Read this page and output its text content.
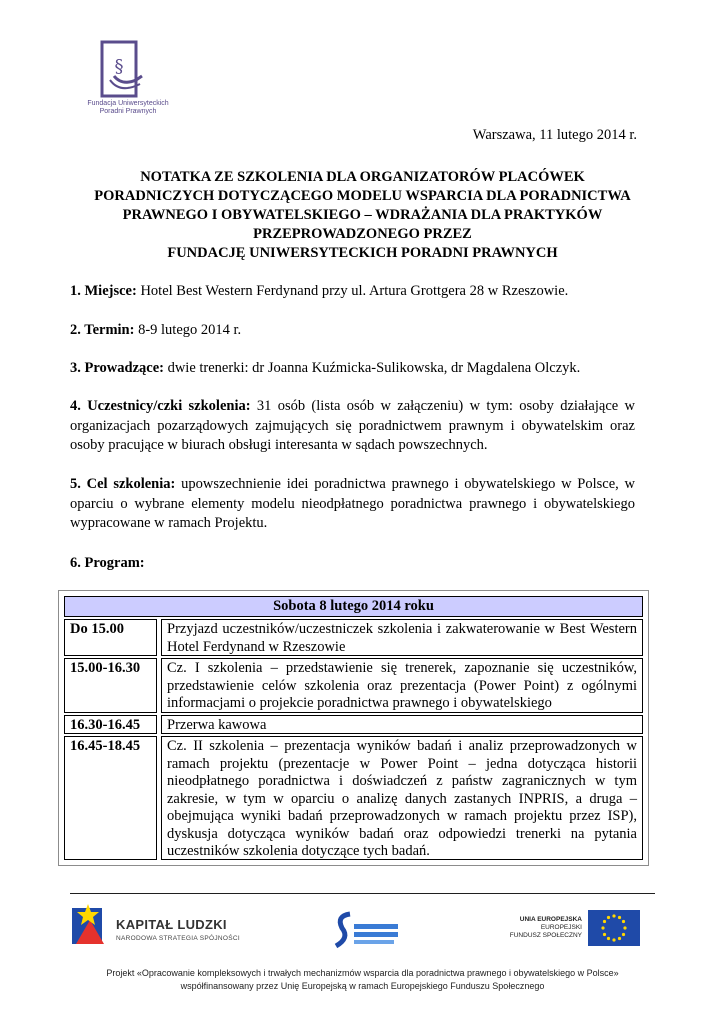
§
Fundacja Uniwersyteckich
Poradni Prawnych
Warszawa, 11 lutego 2014 r.
NOTATKA ZE SZKOLENIA DLA ORGANIZATORÓW PLACÓWEK
PORADNICZYCH DOTYCZĄCEGO MODELU WSPARCIA DLA PORADNICTWA
PRAWNEGO I OBYWATELSKIEGO – WDRAŻANIA DLA PRAKTYKÓW
PRZEPROWADZONEGO PRZEZ
FUNDACJĘ UNIWERSYTECKICH PORADNI PRAWNYCH
1. Miejsce: Hotel Best Western Ferdynand przy ul. Artura Grottgera 28 w Rzeszowie.
2. Termin: 8-9 lutego 2014 r.
3. Prowadzące: dwie trenerki: dr Joanna Kuźmicka-Sulikowska, dr Magdalena Olczyk.
4. Uczestnicy/czki szkolenia: 31 osób (lista osób w załączeniu) w tym: osoby działające w organizacjach pozarządowych zajmujących się poradnictwem prawnym i obywatelskim oraz osoby pracujące w biurach obsługi interesanta w sądach powszechnych.
5. Cel szkolenia: upowszechnienie idei poradnictwa prawnego i obywatelskiego w Polsce, w oparciu o wybrane elementy modelu nieodpłatnego poradnictwa prawnego i obywatelskiego wypracowane w ramach Projektu.
6. Program:
Sobota 8 lutego 2014 roku
Do 15.00	Przyjazd uczestników/uczestniczek szkolenia i zakwaterowanie w Best Western Hotel Ferdynand w Rzeszowie
15.00-16.30	Cz. I szkolenia – przedstawienie się trenerek, zapoznanie się uczestników, przedstawienie celów szkolenia oraz prezentacja (Power Point) z ogólnymi informacjami o projekcie poradnictwa prawnego i obywatelskiego
16.30-16.45	Przerwa kawowa
16.45-18.45	Cz. II szkolenia – prezentacja wyników badań i analiz przeprowadzonych w ramach projektu (prezentacje w Power Point – jedna dotycząca historii nieodpłatnego poradnictwa i doświadczeń z państw zagranicznych w tym zakresie, w tym w oparciu o analizę danych zastanych INPRIS, a druga – obejmująca wyniki badań przeprowadzonych w ramach projektu przez ISP), dyskusja dotycząca wyników badań oraz odpowiedzi trenerki na pytania uczestników szkolenia dotyczące tych badań.
KAPITAŁ LUDZKI
NARODOWA STRATEGIA SPÓJNOŚCI
UNIA EUROPEJSKA
EUROPEJSKI
FUNDUSZ SPOŁECZNY
Projekt «Opracowanie kompleksowych i trwałych mechanizmów wsparcia dla poradnictwa prawnego i obywatelskiego w Polsce»
współfinansowany przez Unię Europejską w ramach Europejskiego Funduszu Społecznego
